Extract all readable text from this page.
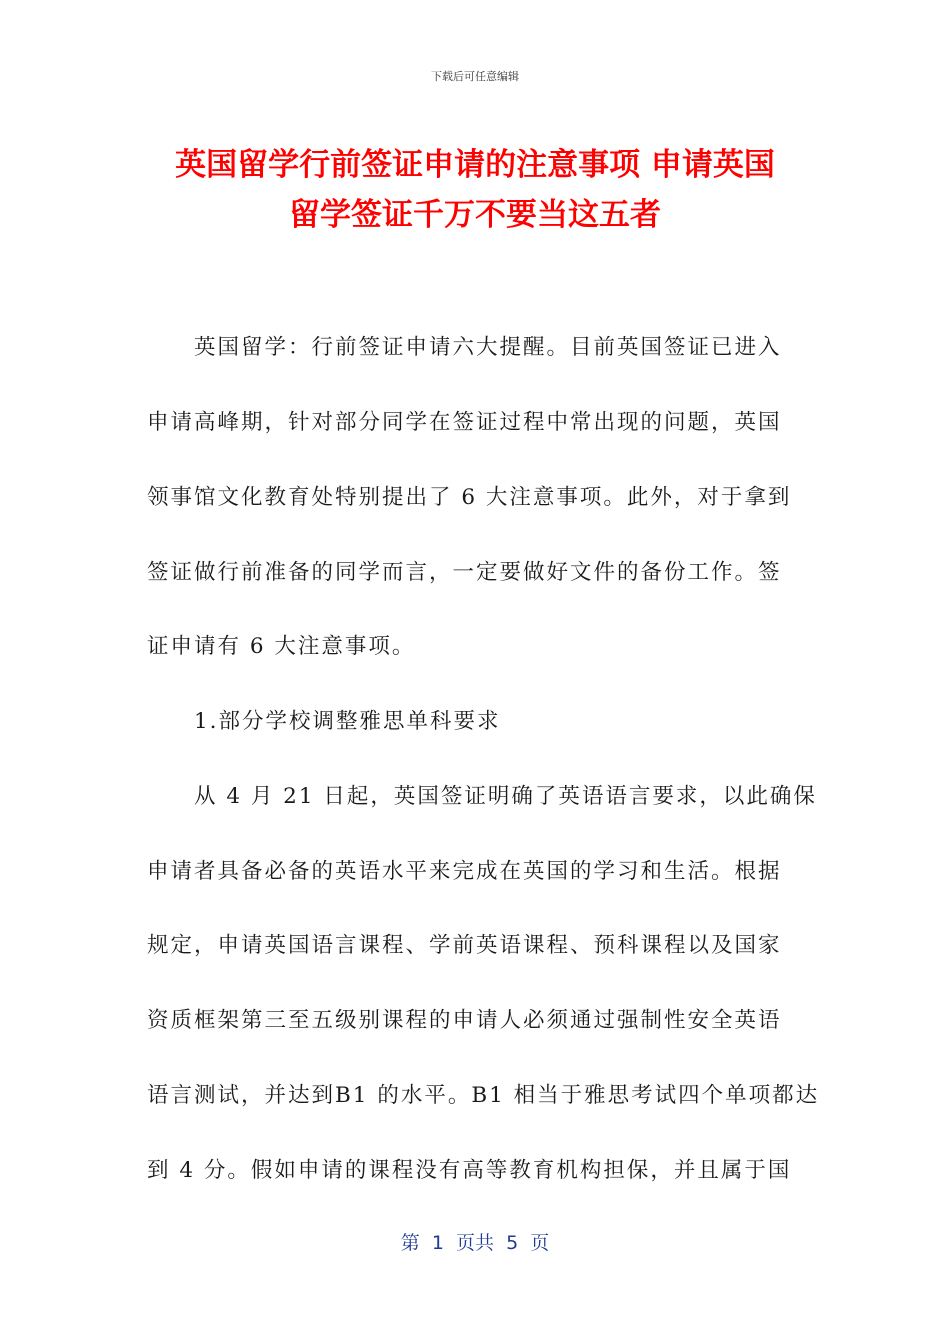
下载后可任意编辑
英国留学行前签证申请的注意事项 申请英国
留学签证千万不要当这五者
　　英国留学：行前签证申请六大提醒。目前英国签证已进入
申请高峰期，针对部分同学在签证过程中常出现的问题，英国
领事馆文化教育处特别提出了 6 大注意事项。此外，对于拿到
签证做行前准备的同学而言，一定要做好文件的备份工作。签
证申请有 6 大注意事项。
　　1.部分学校调整雅思单科要求
　　从 4 月 21 日起，英国签证明确了英语语言要求，以此确保
申请者具备必备的英语水平来完成在英国的学习和生活。根据
规定，申请英国语言课程、学前英语课程、预科课程以及国家
资质框架第三至五级别课程的申请人必须通过强制性安全英语
语言测试，并达到B1 的水平。B1 相当于雅思考试四个单项都达
到 4 分。假如申请的课程没有高等教育机构担保，并且属于国
第  1  页共  5  页
